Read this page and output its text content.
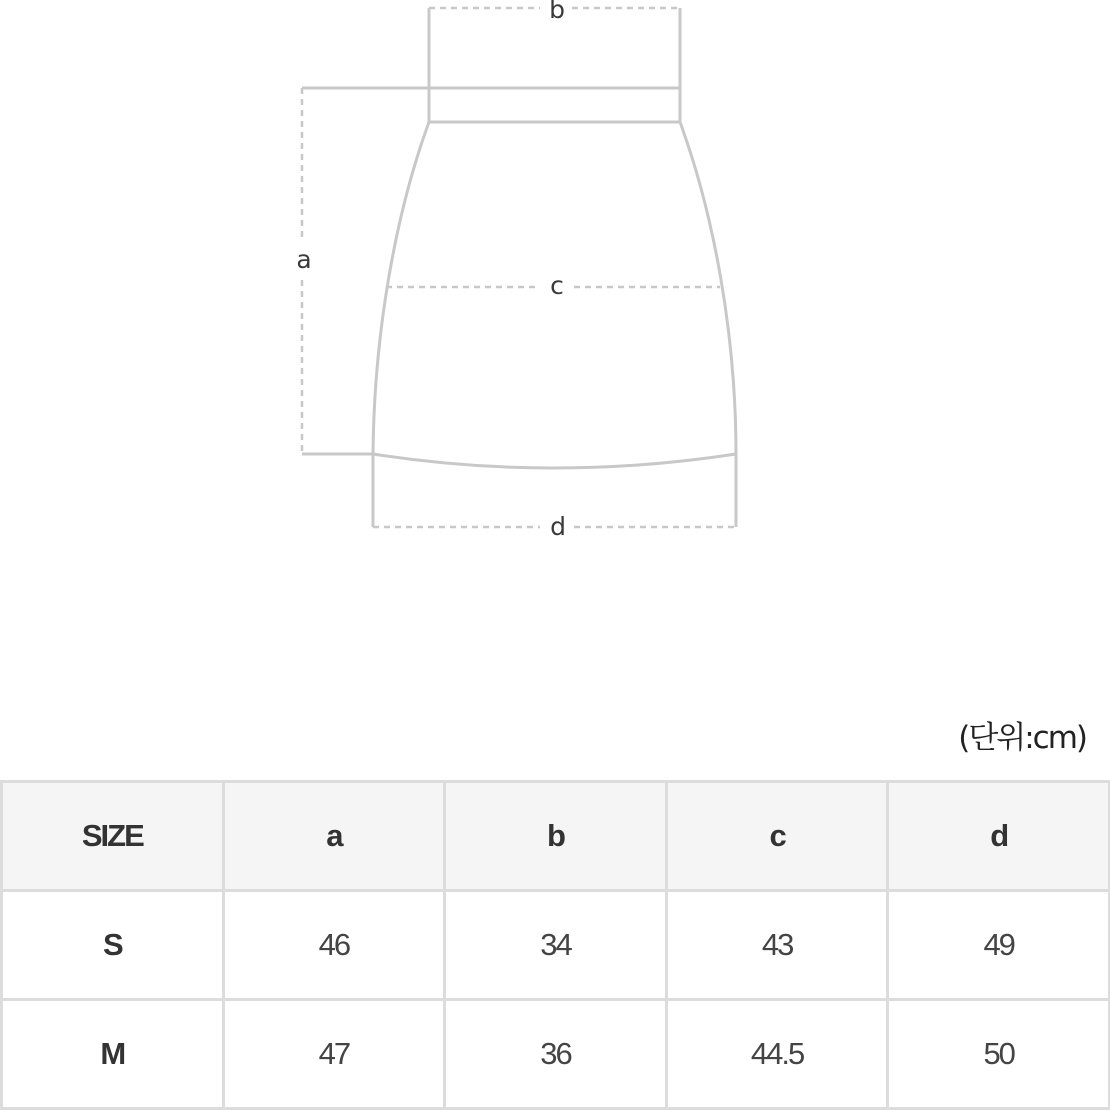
b
a
c
d
(단위:cm)
SIZE	a	b	c	d
S	46	34	43	49
M	47	36	44.5	50
